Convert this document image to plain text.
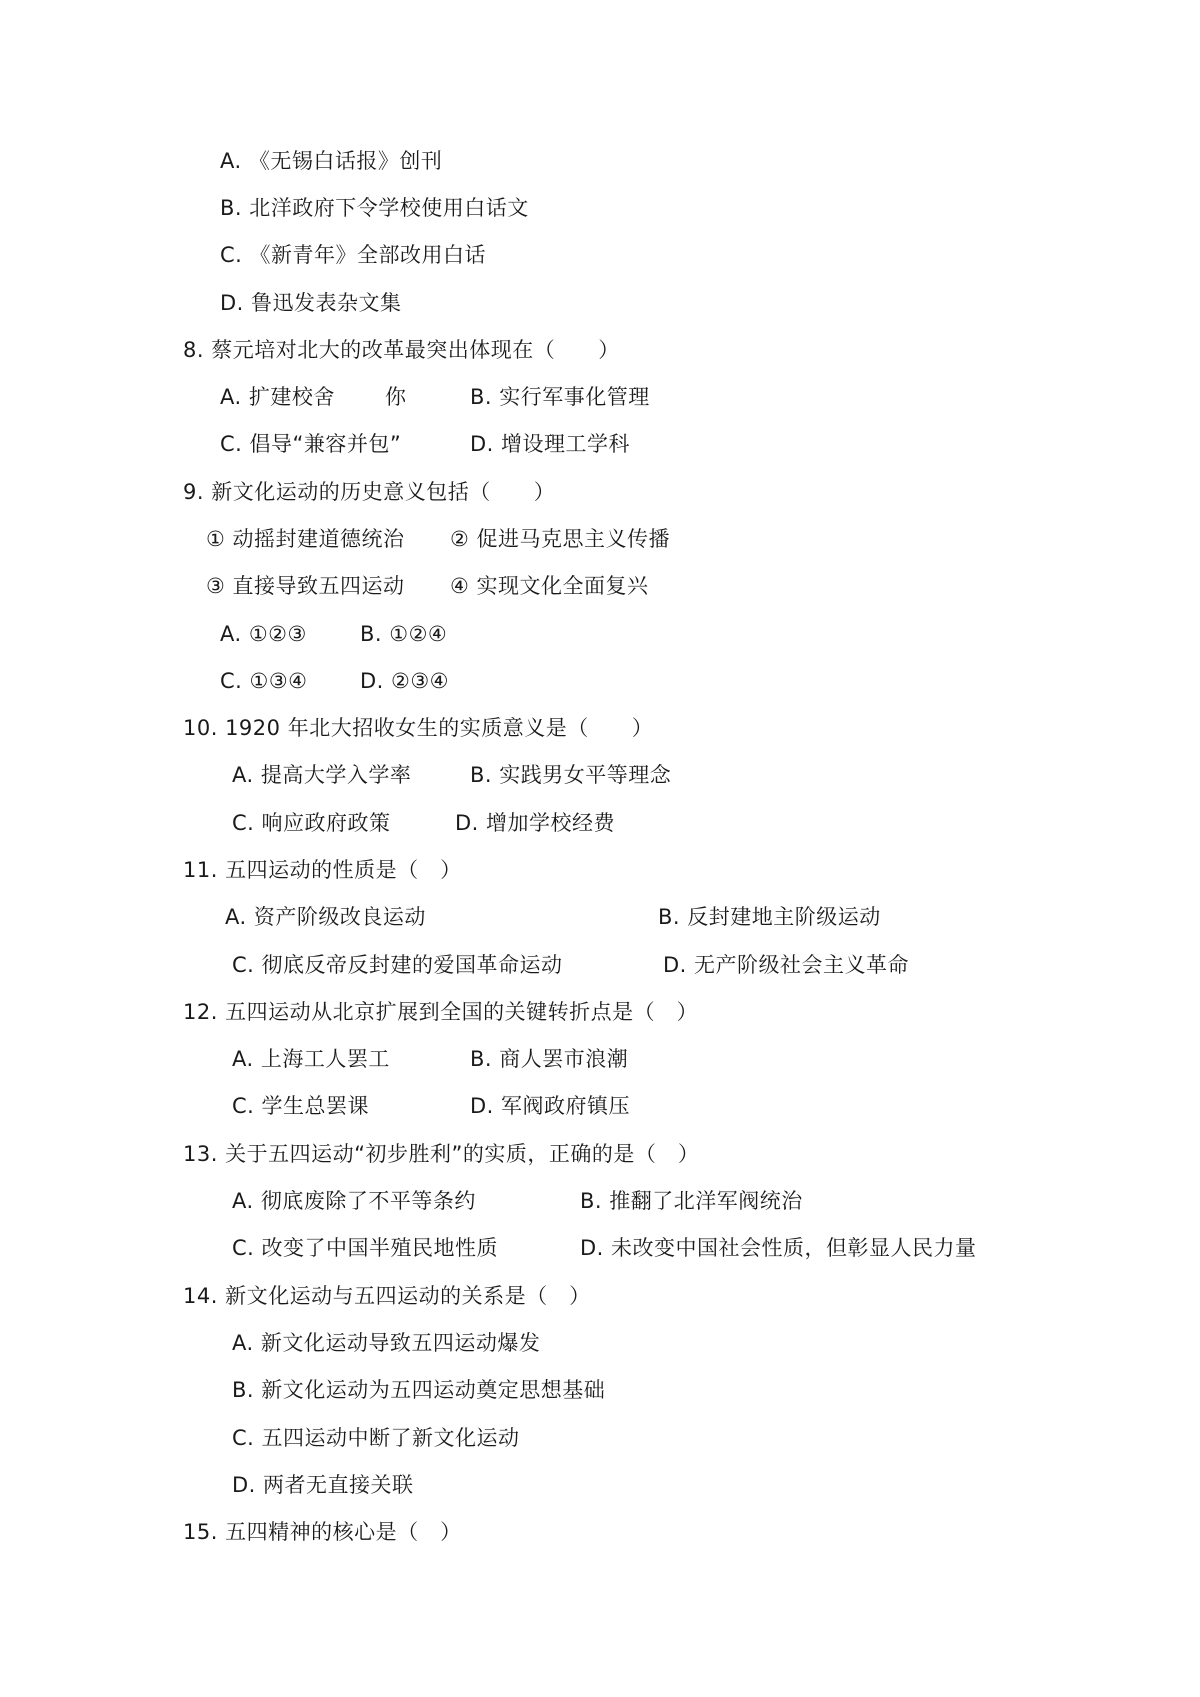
A. 《无锡白话报》创刊
B. 北洋政府下令学校使用白话文
C. 《新青年》全部改用白话
D. 鲁迅发表杂文集
8. 蔡元培对北大的改革最突出体现在（　　）
A. 扩建校舍 你	B. 实行军事化管理
C. 倡导“兼容并包”	D. 增设理工学科
9. 新文化运动的历史意义包括（　　）
① 动摇封建道德统治 ② 促进马克思主义传播
③ 直接导致五四运动 ④ 实现文化全面复兴
A. ①②③	B. ①②④
C. ①③④	D. ②③④
10. 1920 年北大招收女生的实质意义是（　　）
A. 提高大学入学率	B. 实践男女平等理念
C. 响应政府政策	D. 增加学校经费
11. 五四运动的性质是（　）
A. 资产阶级改良运动	B. 反封建地主阶级运动
C. 彻底反帝反封建的爱国革命运动	D. 无产阶级社会主义革命
12. 五四运动从北京扩展到全国的关键转折点是（　）
A. 上海工人罢工	B. 商人罢市浪潮
C. 学生总罢课	D. 军阀政府镇压
13. 关于五四运动“初步胜利”的实质，正确的是（　）
A. 彻底废除了不平等条约	B. 推翻了北洋军阀统治
C. 改变了中国半殖民地性质	D. 未改变中国社会性质，但彰显人民力量
14. 新文化运动与五四运动的关系是（　）
A. 新文化运动导致五四运动爆发
B. 新文化运动为五四运动奠定思想基础
C. 五四运动中断了新文化运动
D. 两者无直接关联
15. 五四精神的核心是（　）
